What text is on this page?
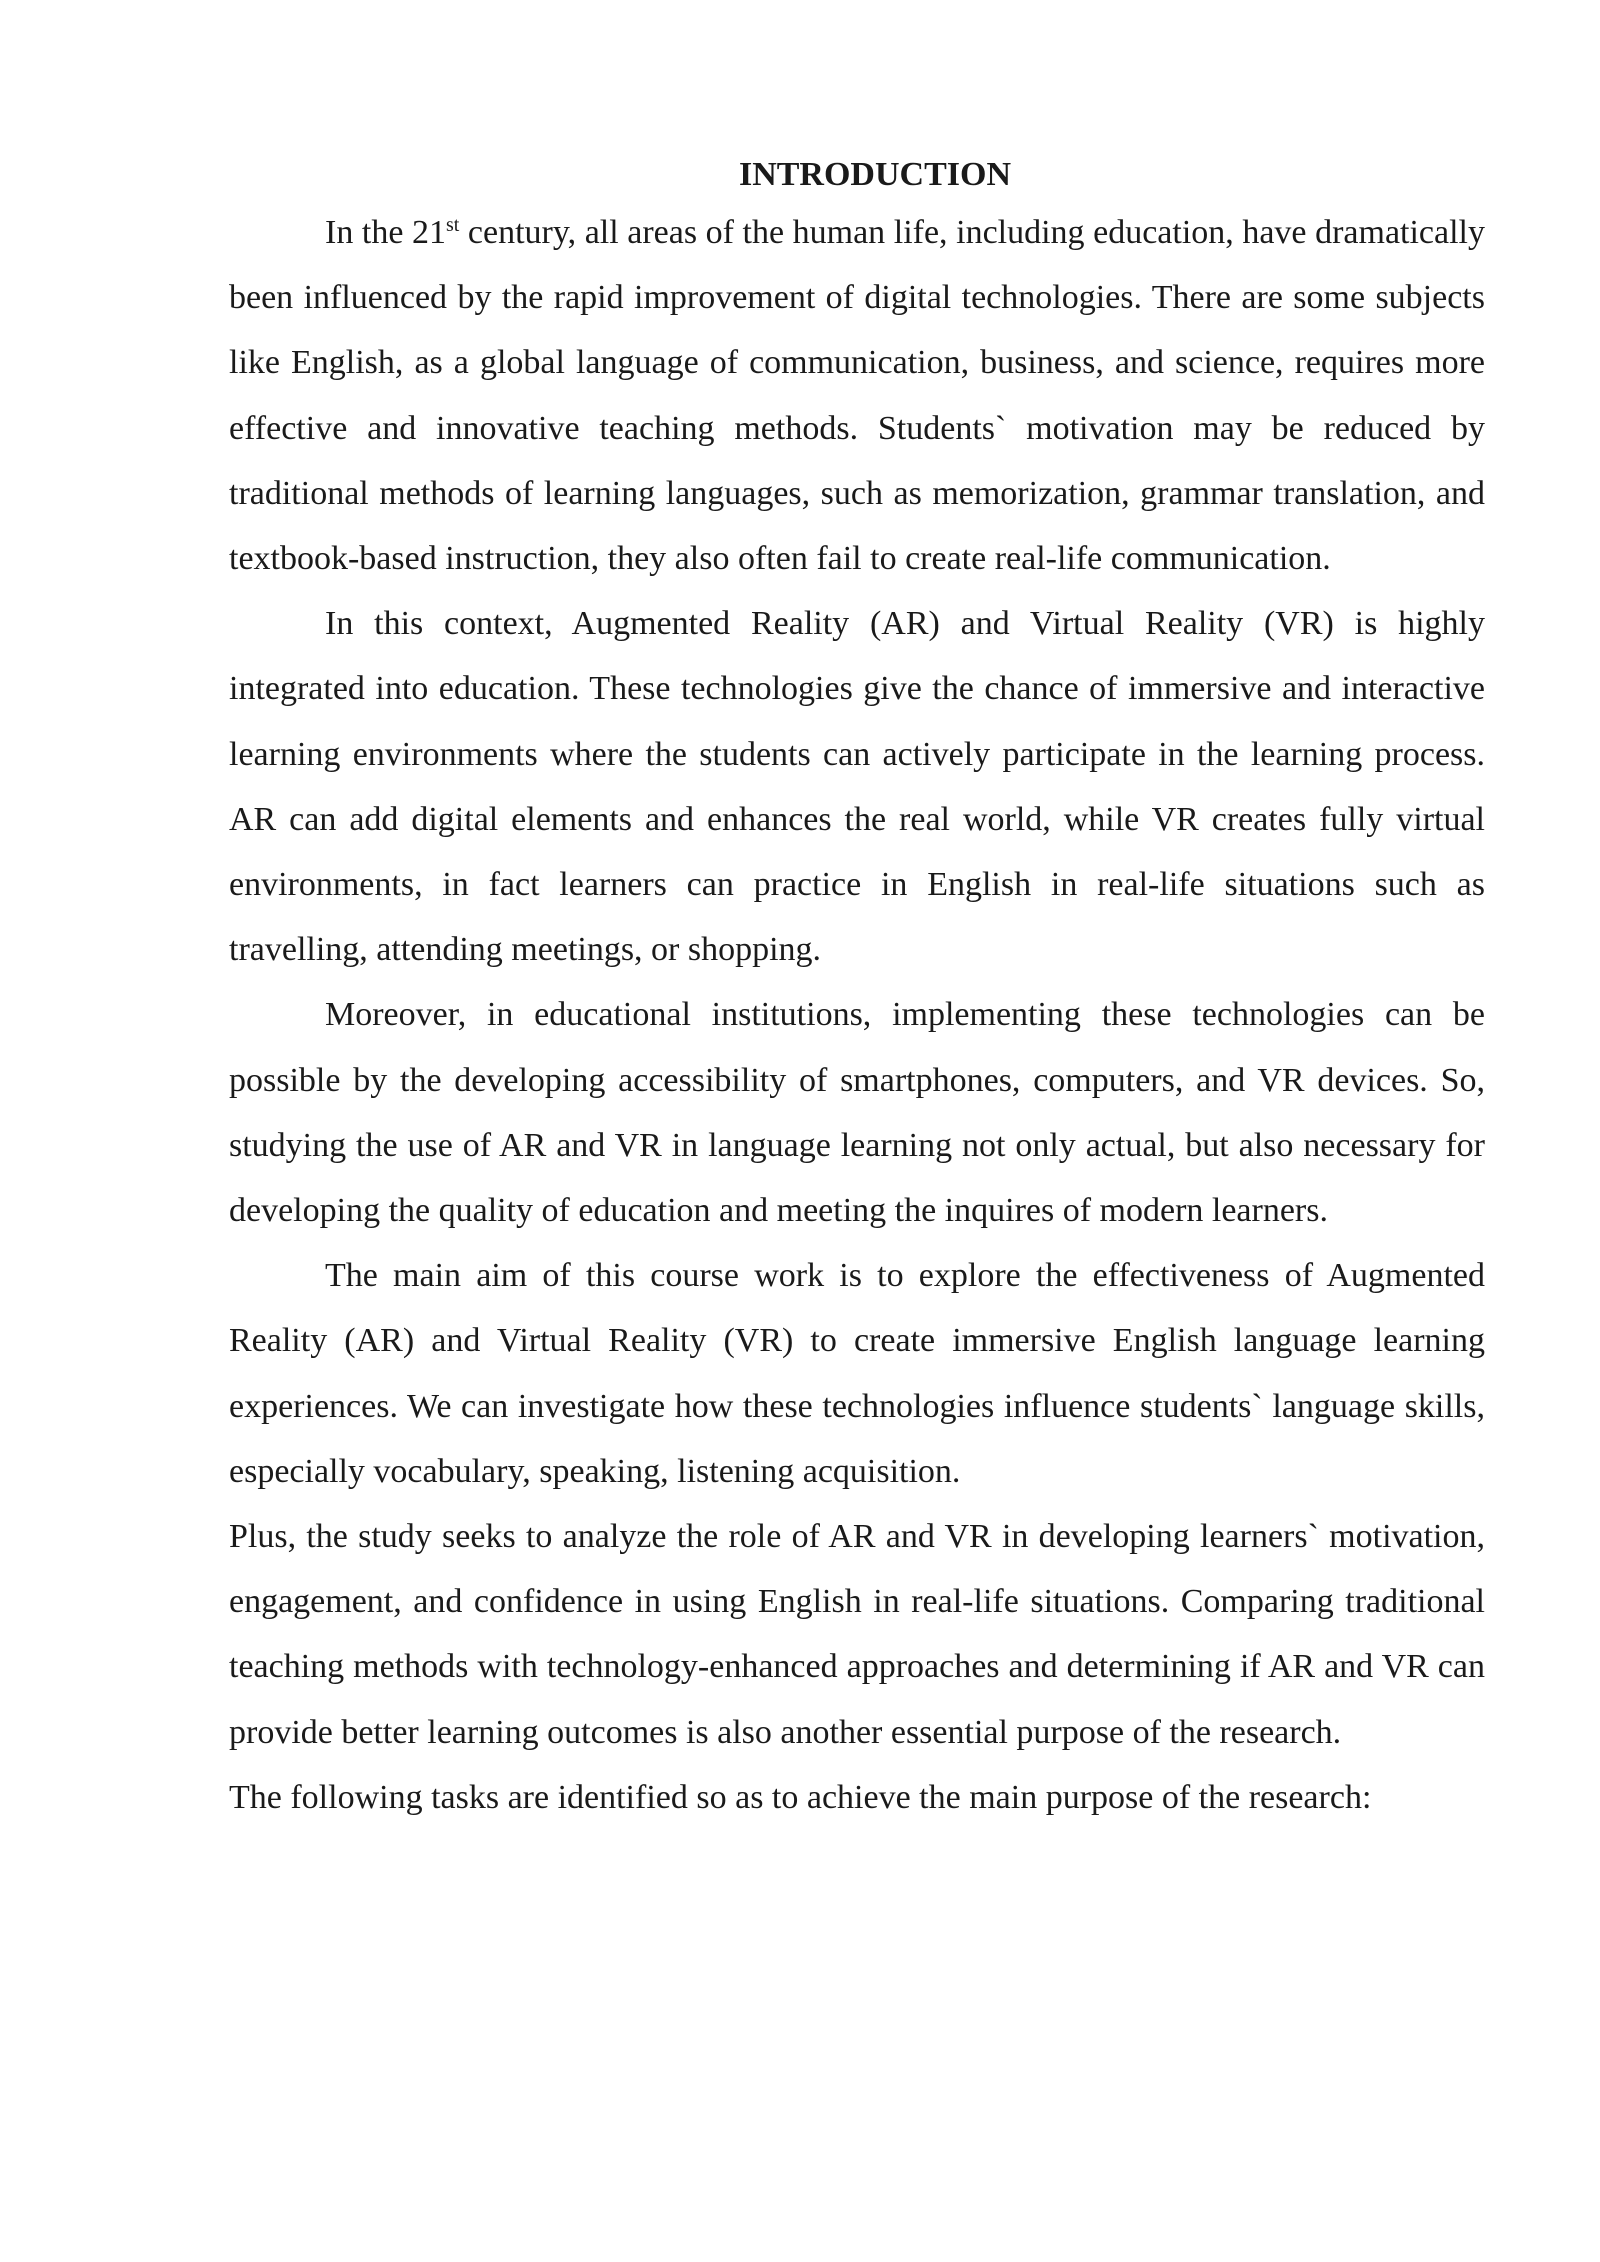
INTRODUCTION

In the 21st century, all areas of the human life, including education, have dramatically been influenced by the rapid improvement of digital technologies. There are some subjects like English, as a global language of communication, business, and science, requires more effective and innovative teaching methods. Students` motivation may be reduced by traditional methods of learning languages, such as memorization, grammar translation, and textbook-based instruction, they also often fail to create real-life communication.

In this context, Augmented Reality (AR) and Virtual Reality (VR) is highly integrated into education. These technologies give the chance of immersive and interactive learning environments where the students can actively participate in the learning process. AR can add digital elements and enhances the real world, while VR creates fully virtual environments, in fact learners can practice in English in real-life situations such as travelling, attending meetings, or shopping.

Moreover, in educational institutions, implementing these technologies can be possible by the developing accessibility of smartphones, computers, and VR devices. So, studying the use of AR and VR in language learning not only actual, but also necessary for developing the quality of education and meeting the inquires of modern learners.

The main aim of this course work is to explore the effectiveness of Augmented Reality (AR) and Virtual Reality (VR) to create immersive English language learning experiences. We can investigate how these technologies influence students` language skills, especially vocabulary, speaking, listening acquisition.

Plus, the study seeks to analyze the role of AR and VR in developing learners` motivation, engagement, and confidence in using English in real-life situations. Comparing traditional teaching methods with technology-enhanced approaches and determining if AR and VR can provide better learning outcomes is also another essential purpose of the research.

The following tasks are identified so as to achieve the main purpose of the research:
